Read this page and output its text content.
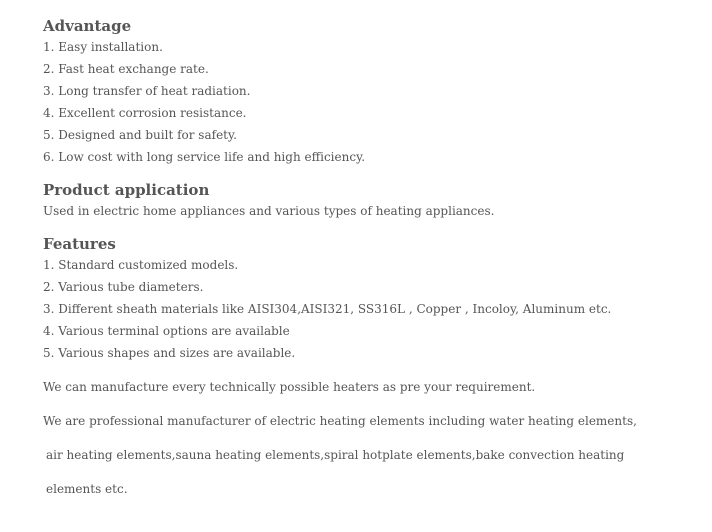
Advantage

1. Easy installation.

2. Fast heat exchange rate.

3. Long transfer of heat radiation.

4. Excellent corrosion resistance.

5. Designed and built for safety.

6. Low cost with long service life and high efficiency.

Product application

Used in electric home appliances and various types of heating appliances.

Features

1. Standard customized models.

2. Various tube diameters.

3. Different sheath materials like AISI304,AISI321, SS316L , Copper , Incoloy, Aluminum etc.

4. Various terminal options are available

5. Various shapes and sizes are available.

We can manufacture every technically possible heaters as pre your requirement.

We are professional manufacturer of electric heating elements including water heating elements,

air heating elements,sauna heating elements,spiral hotplate elements,bake convection heating

elements etc.
